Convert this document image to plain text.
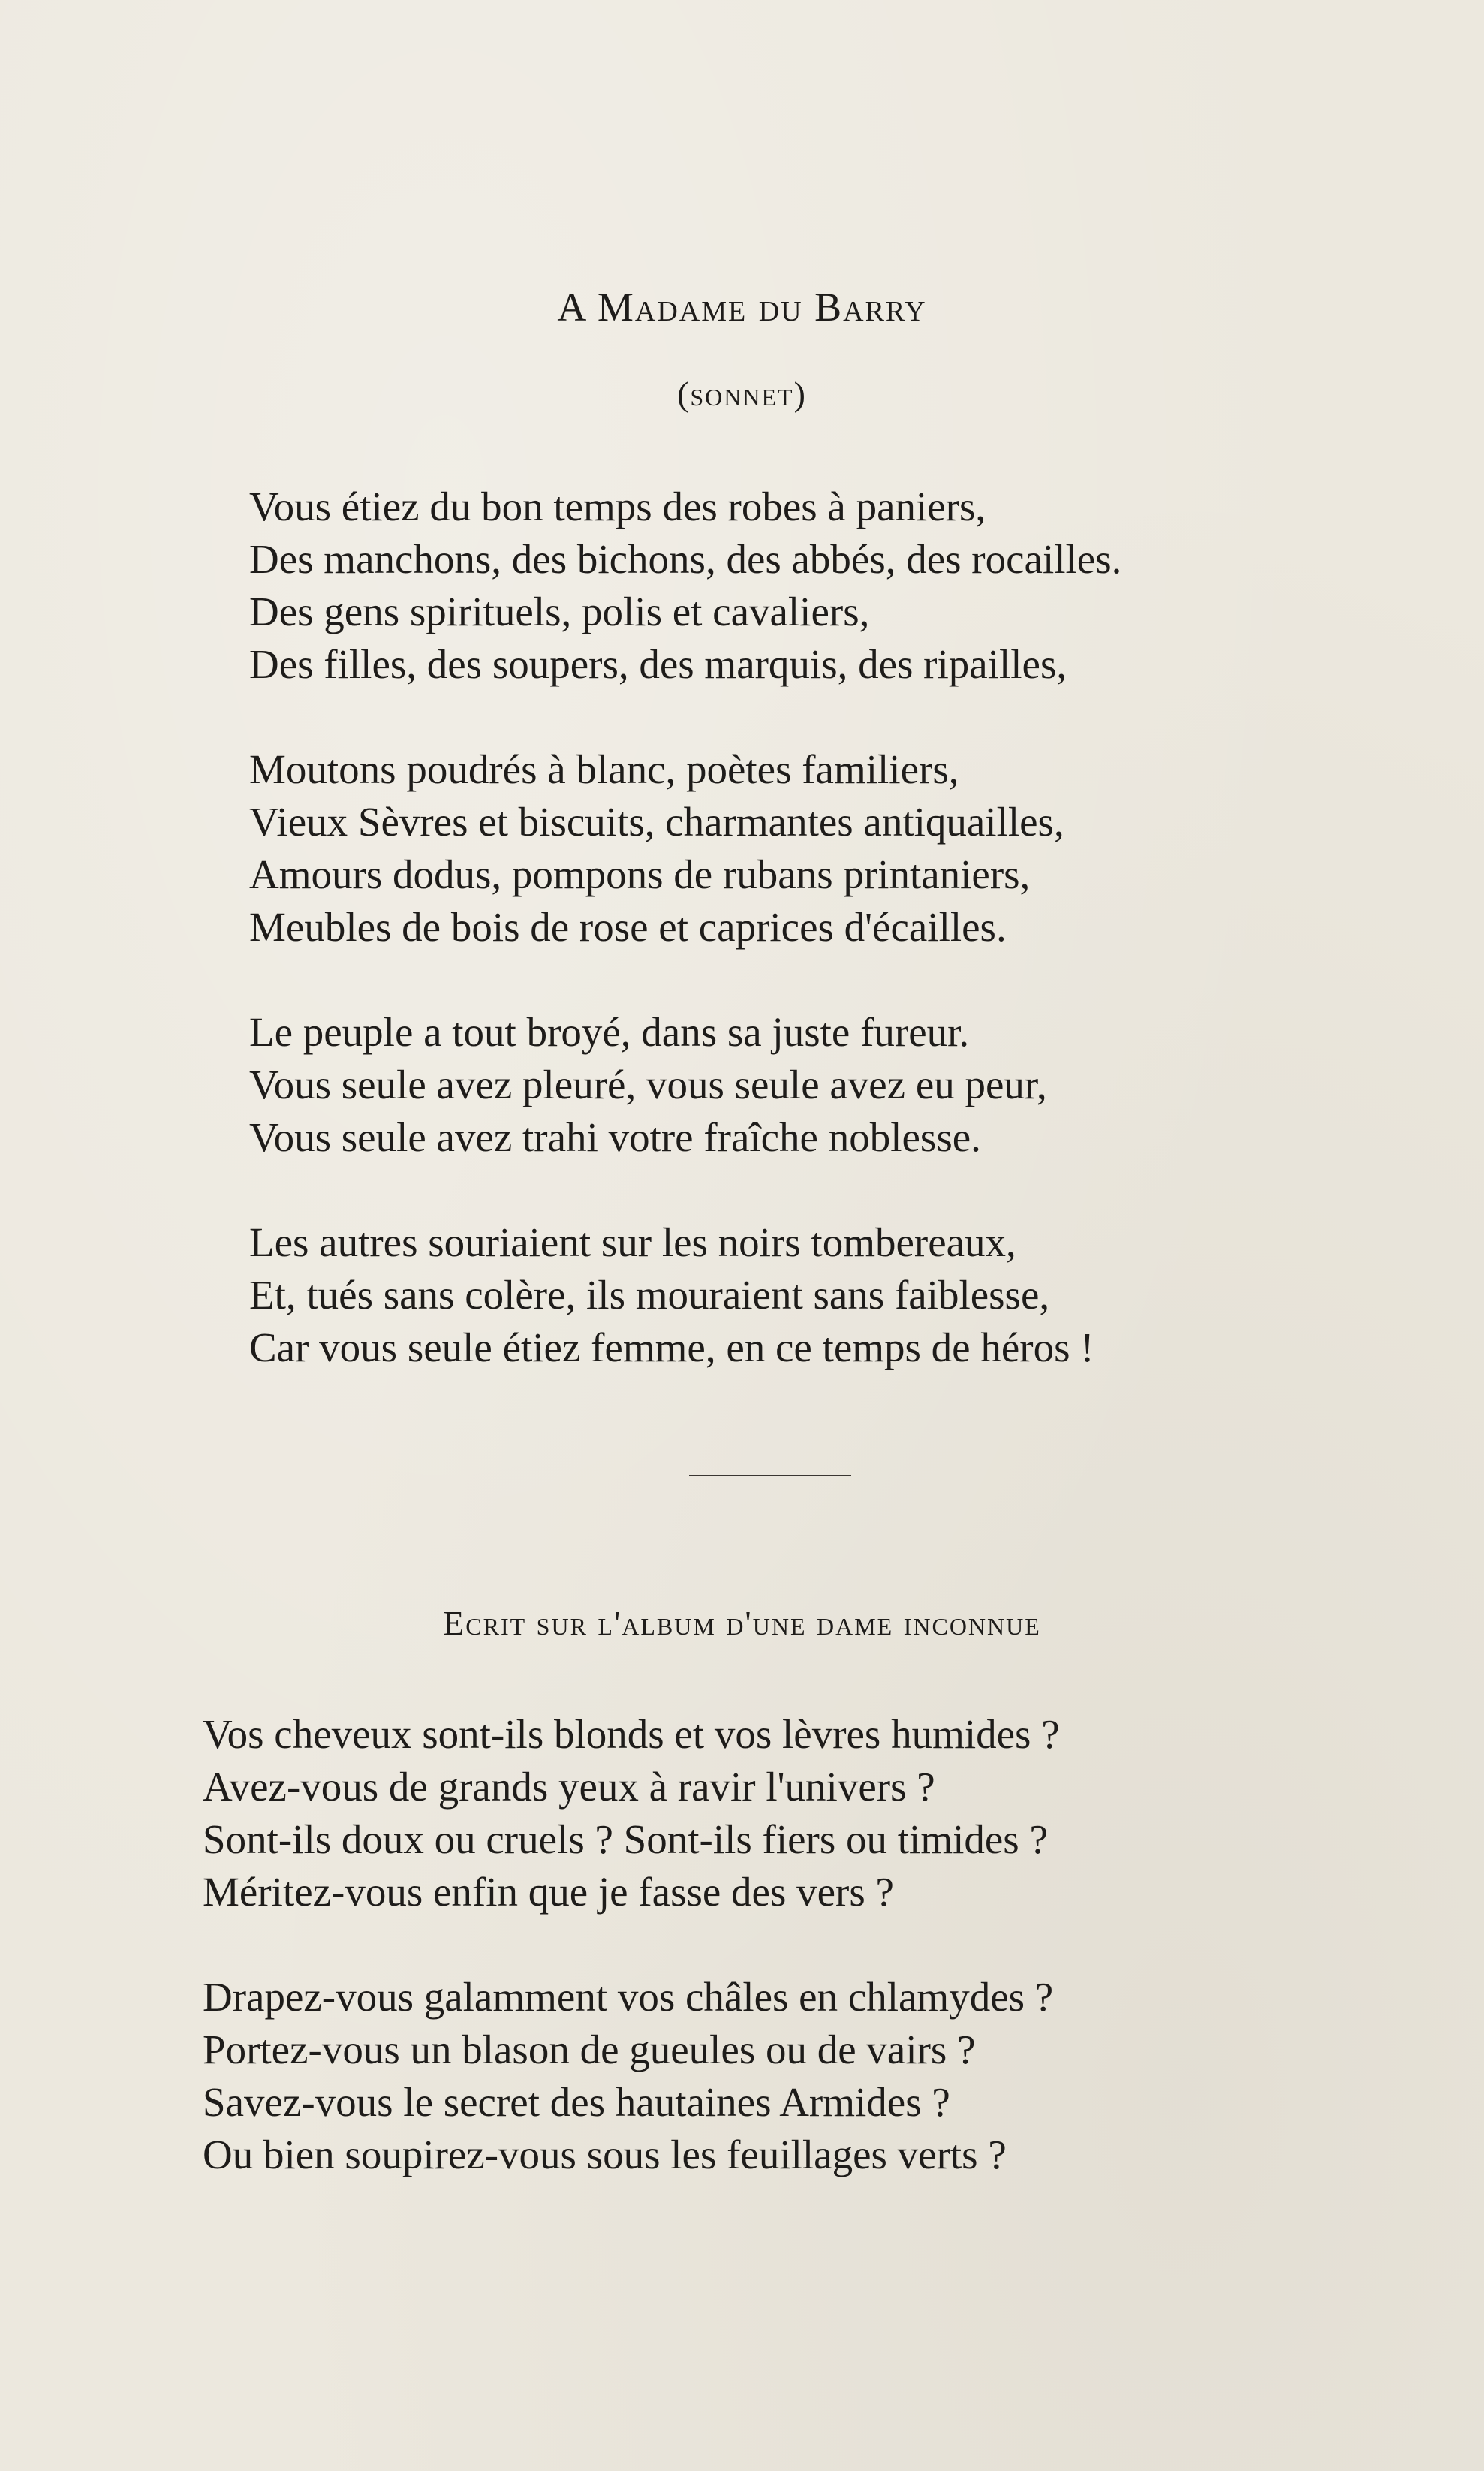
A Madame du Barry
(sonnet)

Vous étiez du bon temps des robes à paniers,

Des manchons, des bichons, des abbés, des rocailles.

Des gens spirituels, polis et cavaliers,

Des filles, des soupers, des marquis, des ripailles,

Moutons poudrés à blanc, poètes familiers,

Vieux Sèvres et biscuits, charmantes antiquailles,

Amours dodus, pompons de rubans printaniers,

Meubles de bois de rose et caprices d'écailles.

Le peuple a tout broyé, dans sa juste fureur.

Vous seule avez pleuré, vous seule avez eu peur,

Vous seule avez trahi votre fraîche noblesse.

Les autres souriaient sur les noirs tombereaux,

Et, tués sans colère, ils mouraient sans faiblesse,

Car vous seule étiez femme, en ce temps de héros !

Ecrit sur l'album d'une dame inconnue

Vos cheveux sont-ils blonds et vos lèvres humides ?

Avez-vous de grands yeux à ravir l'univers ?

Sont-ils doux ou cruels ? Sont-ils fiers ou timides ?

Méritez-vous enfin que je fasse des vers ?

Drapez-vous galamment vos châles en chlamydes ?

Portez-vous un blason de gueules ou de vairs ?

Savez-vous le secret des hautaines Armides ?

Ou bien soupirez-vous sous les feuillages verts ?
